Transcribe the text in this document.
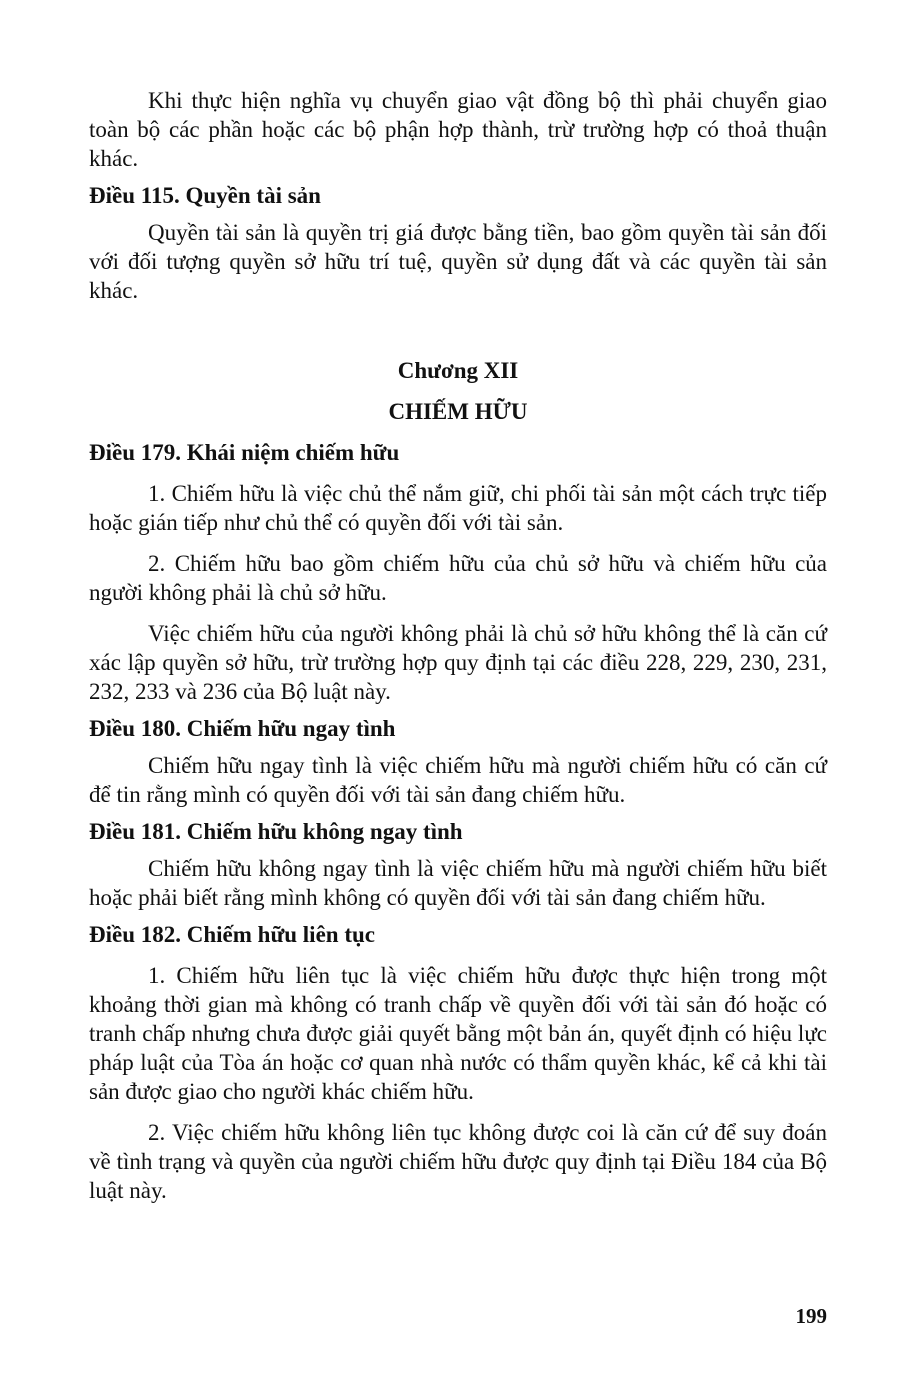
Khi thực hiện nghĩa vụ chuyển giao vật đồng bộ thì phải chuyển giao toàn bộ các phần hoặc các bộ phận hợp thành, trừ trường hợp có thoả thuận khác.

Điều 115. Quyền tài sản

Quyền tài sản là quyền trị giá được bằng tiền, bao gồm quyền tài sản đối với đối tượng quyền sở hữu trí tuệ, quyền sử dụng đất và các quyền tài sản khác.

Chương XII
CHIẾM HỮU
Điều 179. Khái niệm chiếm hữu

1. Chiếm hữu là việc chủ thể nắm giữ, chi phối tài sản một cách trực tiếp hoặc gián tiếp như chủ thể có quyền đối với tài sản.

2. Chiếm hữu bao gồm chiếm hữu của chủ sở hữu và chiếm hữu của người không phải là chủ sở hữu.

Việc chiếm hữu của người không phải là chủ sở hữu không thể là căn cứ xác lập quyền sở hữu, trừ trường hợp quy định tại các điều 228, 229, 230, 231, 232, 233 và 236 của Bộ luật này.

Điều 180. Chiếm hữu ngay tình

Chiếm hữu ngay tình là việc chiếm hữu mà người chiếm hữu có căn cứ để tin rằng mình có quyền đối với tài sản đang chiếm hữu.

Điều 181. Chiếm hữu không ngay tình

Chiếm hữu không ngay tình là việc chiếm hữu mà người chiếm hữu biết hoặc phải biết rằng mình không có quyền đối với tài sản đang chiếm hữu.

Điều 182. Chiếm hữu liên tục

1. Chiếm hữu liên tục là việc chiếm hữu được thực hiện trong một khoảng thời gian mà không có tranh chấp về quyền đối với tài sản đó hoặc có tranh chấp nhưng chưa được giải quyết bằng một bản án, quyết định có hiệu lực pháp luật của Tòa án hoặc cơ quan nhà nước có thẩm quyền khác, kể cả khi tài sản được giao cho người khác chiếm hữu.

2. Việc chiếm hữu không liên tục không được coi là căn cứ để suy đoán về tình trạng và quyền của người chiếm hữu được quy định tại Điều 184 của Bộ luật này.

199
